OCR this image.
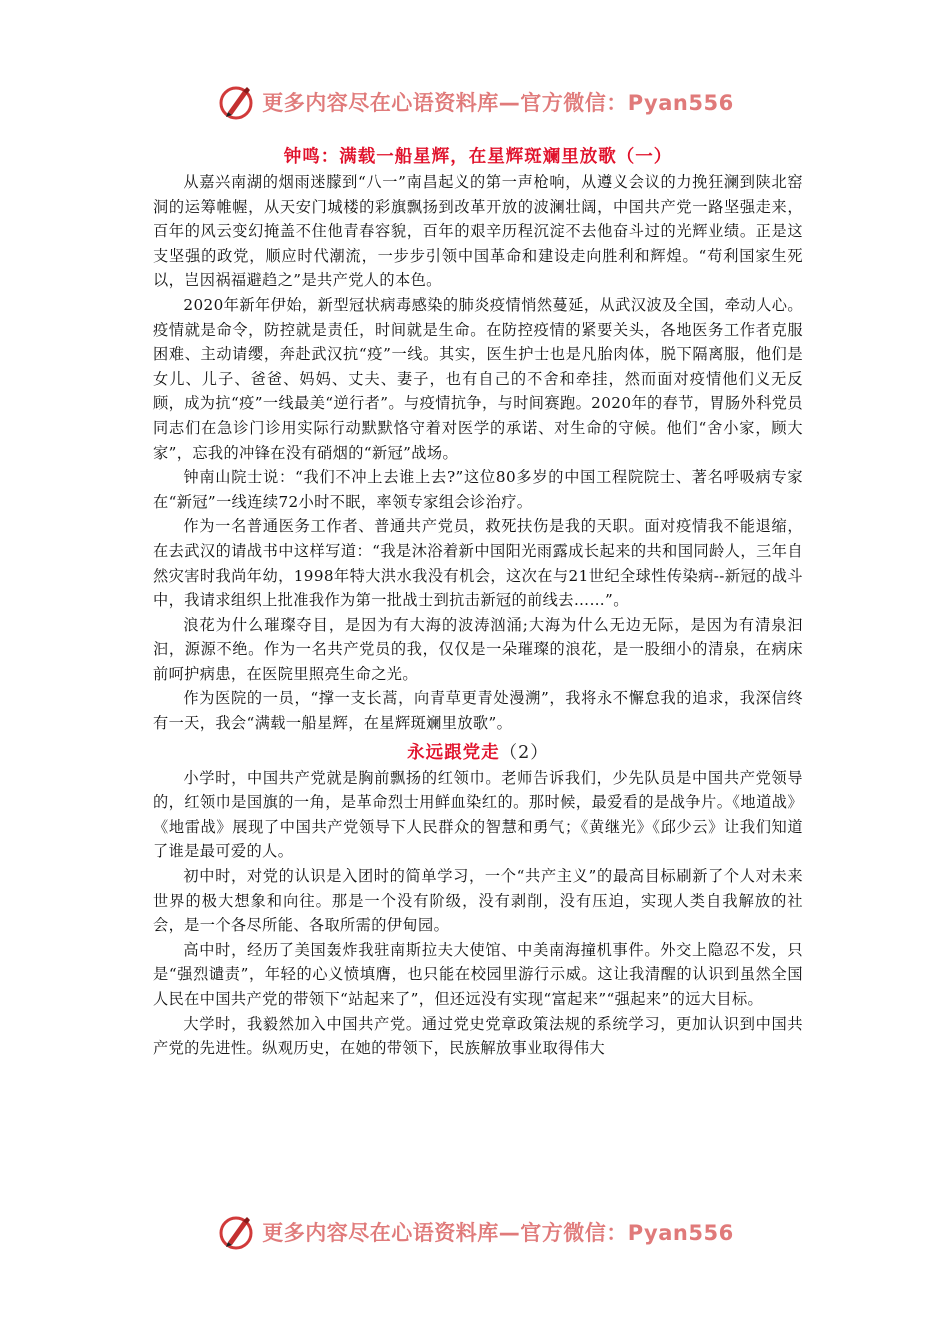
更多内容尽在心语资料库—官方微信：Pyan556
钟鸣：满载一船星辉，在星辉斑斓里放歌（一）

从嘉兴南湖的烟雨迷朦到“八一”南昌起义的第一声枪响，从遵义会议的力挽狂澜到陕北窑洞的运筹帷幄，从天安门城楼的彩旗飘扬到改革开放的波澜壮阔，中国共产党一路坚强走来，百年的风云变幻掩盖不住他青春容貌，百年的艰辛历程沉淀不去他奋斗过的光辉业绩。正是这支坚强的政党，顺应时代潮流，一步步引领中国革命和建设走向胜利和辉煌。“苟利国家生死以，岂因祸福避趋之”是共产党人的本色。

2020年新年伊始，新型冠状病毒感染的肺炎疫情悄然蔓延，从武汉波及全国，牵动人心。疫情就是命令，防控就是责任，时间就是生命。在防控疫情的紧要关头，各地医务工作者克服困难、主动请缨，奔赴武汉抗“疫”一线。其实，医生护士也是凡胎肉体，脱下隔离服，他们是女儿、儿子、爸爸、妈妈、丈夫、妻子，也有自己的不舍和牵挂，然而面对疫情他们义无反顾，成为抗“疫”一线最美“逆行者”。与疫情抗争，与时间赛跑。2020年的春节，胃肠外科党员同志们在急诊门诊用实际行动默默恪守着对医学的承诺、对生命的守候。他们“舍小家，顾大家”，忘我的冲锋在没有硝烟的“新冠”战场。

钟南山院士说：“我们不冲上去谁上去?”这位80多岁的中国工程院院士、著名呼吸病专家在“新冠”一线连续72小时不眠，率领专家组会诊治疗。

作为一名普通医务工作者、普通共产党员，救死扶伤是我的天职。面对疫情我不能退缩，在去武汉的请战书中这样写道：“我是沐浴着新中国阳光雨露成长起来的共和国同龄人，三年自然灾害时我尚年幼，1998年特大洪水我没有机会，这次在与21世纪全球性传染病--新冠的战斗中，我请求组织上批准我作为第一批战士到抗击新冠的前线去……”。

浪花为什么璀璨夺目，是因为有大海的波涛汹涌;大海为什么无边无际，是因为有清泉汩汩，源源不绝。作为一名共产党员的我，仅仅是一朵璀璨的浪花，是一股细小的清泉，在病床前呵护病患，在医院里照亮生命之光。

作为医院的一员，“撑一支长蒿，向青草更青处漫溯”，我将永不懈怠我的追求，我深信终有一天，我会“满载一船星辉，在星辉斑斓里放歌”。

永远跟党走（2）

小学时，中国共产党就是胸前飘扬的红领巾。老师告诉我们，少先队员是中国共产党领导的，红领巾是国旗的一角，是革命烈士用鲜血染红的。那时候，最爱看的是战争片。《地道战》《地雷战》展现了中国共产党领导下人民群众的智慧和勇气；《黄继光》《邱少云》让我们知道了谁是最可爱的人。

初中时，对党的认识是入团时的简单学习，一个“共产主义”的最高目标刷新了个人对未来世界的极大想象和向往。那是一个没有阶级，没有剥削，没有压迫，实现人类自我解放的社会，是一个各尽所能、各取所需的伊甸园。

高中时，经历了美国轰炸我驻南斯拉夫大使馆、中美南海撞机事件。外交上隐忍不发，只是“强烈谴责”，年轻的心义愤填膺，也只能在校园里游行示威。这让我清醒的认识到虽然全国人民在中国共产党的带领下“站起来了”，但还远没有实现“富起来”“强起来”的远大目标。

大学时，我毅然加入中国共产党。通过党史党章政策法规的系统学习，更加认识到中国共产党的先进性。纵观历史，在她的带领下，民族解放事业取得伟大

更多内容尽在心语资料库—官方微信：Pyan556
